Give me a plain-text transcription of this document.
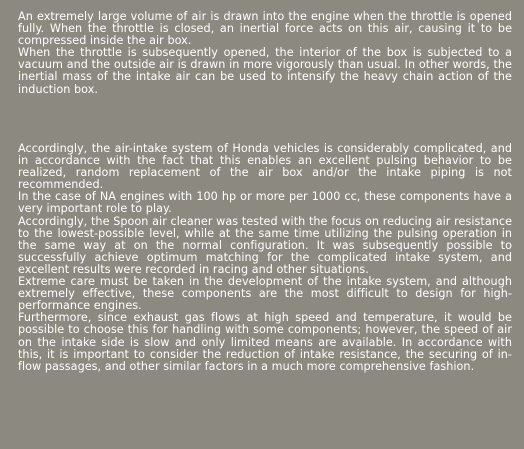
An extremely large volume of air is drawn into the engine when the throttle is opened fully. When the throttle is closed, an inertial force acts on this air, causing it to be compressed inside the air box.

When the throttle is subsequently opened, the interior of the box is subjected to a vacuum and the outside air is drawn in more vigorously than usual. In other words, the inertial mass of the intake air can be used to intensify the heavy chain action of the induction box.

Accordingly, the air-intake system of Honda vehicles is considerably complicated, and in accordance with the fact that this enables an excellent pulsing behavior to be realized, random replacement of the air box and/or the intake piping is not recommended.

In the case of NA engines with 100 hp or more per 1000 cc, these components have a very important role to play.

Accordingly, the Spoon air cleaner was tested with the focus on reducing air resistance to the lowest-possible level, while at the same time utilizing the pulsing operation in the same way at on the normal configuration. It was subsequently possible to successfully achieve optimum matching for the complicated intake system, and excellent results were recorded in racing and other situations.

Extreme care must be taken in the development of the intake system, and although extremely effective, these components are the most difficult to design for high-performance engines.

Furthermore, since exhaust gas flows at high speed and temperature, it would be possible to choose this for handling with some components; however, the speed of air on the intake side is slow and only limited means are available. In accordance with this, it is important to consider the reduction of intake resistance, the securing of in-flow passages, and other similar factors in a much more comprehensive fashion.
